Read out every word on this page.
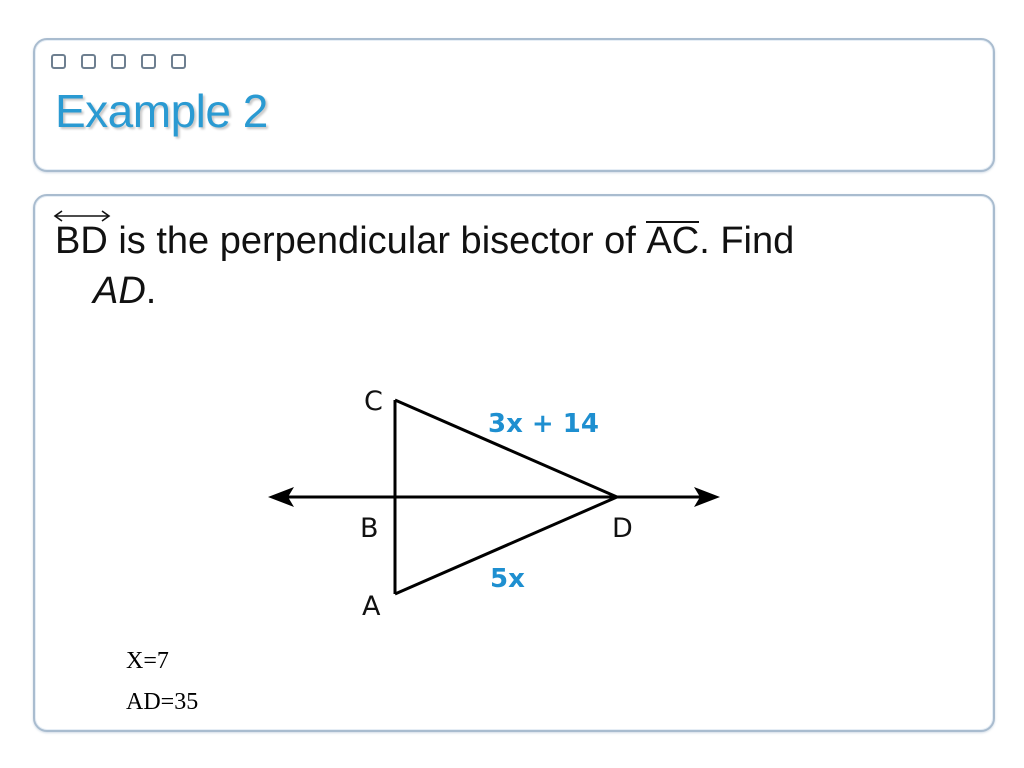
Example 2
BD is the perpendicular bisector of AC. Find
AD.
C
B	D
A
3x + 14
5x
X=7
AD=35
